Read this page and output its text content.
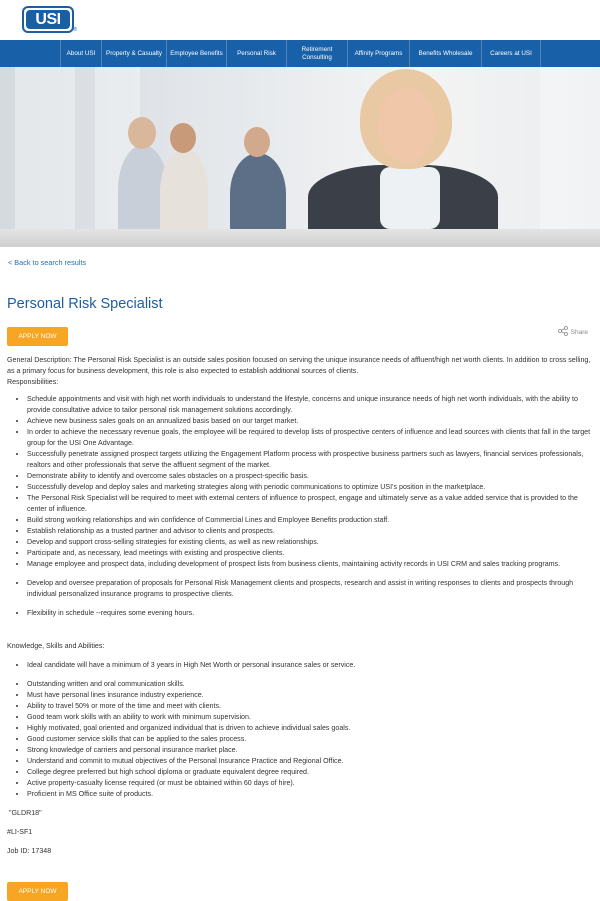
USI
®
About USI Property & Casualty Employee Benefits Personal Risk
Retirement Consulting
Affinity Programs	Benefits Wholesale	Careers at USI
< Back to search results
Personal Risk Specialist
APPLY NOW
Share

General Description: The Personal Risk Specialist is an outside sales position focused on serving the unique insurance needs of affluent/high net worth clients. In addition to cross selling, as a primary focus for business development, this role is also expected to establish additional sources of clients.

Responsibilities:

• Schedule appointments and visit with high net worth individuals to understand the lifestyle, concerns and unique insurance needs of high net worth individuals, with the ability to provide consultative advice to tailor personal risk management solutions accordingly.
• Achieve new business sales goals on an annualized basis based on our target market.
• In order to achieve the necessary revenue goals, the employee will be required to develop lists of prospective centers of influence and lead sources with clients that fall in the target group for the USI One Advantage.
• Successfully penetrate assigned prospect targets utilizing the Engagement Platform process with prospective business partners such as lawyers, financial services professionals, realtors and other professionals that serve the affluent segment of the market.
• Demonstrate ability to identify and overcome sales obstacles on a prospect-specific basis.
• Successfully develop and deploy sales and marketing strategies along with periodic communications to optimize USI's position in the marketplace.
• The Personal Risk Specialist will be required to meet with external centers of influence to prospect, engage and ultimately serve as a value added service that is provided to the center of influence.
• Build strong working relationships and win confidence of Commercial Lines and Employee Benefits production staff.
• Establish relationship as a trusted partner and advisor to clients and prospects.
• Develop and support cross-selling strategies for existing clients, as well as new relationships.
• Participate and, as necessary, lead meetings with existing and prospective clients.
• Manage employee and prospect data, including development of prospect lists from business clients, maintaining activity records in USI CRM and sales tracking programs.
• Develop and oversee preparation of proposals for Personal Risk Management clients and prospects, research and assist in writing responses to clients and prospects through individual personalized insurance programs to prospective clients.
• Flexibility in schedule --requires some evening hours.

Knowledge, Skills and Abilities:

• Ideal candidate will have a minimum of 3 years in High Net Worth or personal insurance sales or service.
• Outstanding written and oral communication skills.
• Must have personal lines insurance industry experience.
• Ability to travel 50% or more of the time and meet with clients.
• Good team work skills with an ability to work with minimum supervision.
• Highly motivated, goal oriented and organized individual that is driven to achieve individual sales goals.
• Good customer service skills that can be applied to the sales process.
• Strong knowledge of carriers and personal insurance market place.
• Understand and commit to mutual objectives of the Personal Insurance Practice and Regional Office.
• College degree preferred but high school diploma or graduate equivalent degree required.
• Active property-casualty license required (or must be obtained within 60 days of hire).
• Proficient in MS Office suite of products.

"GLDR18"

#LI-SF1

Job ID: 17348

APPLY NOW
